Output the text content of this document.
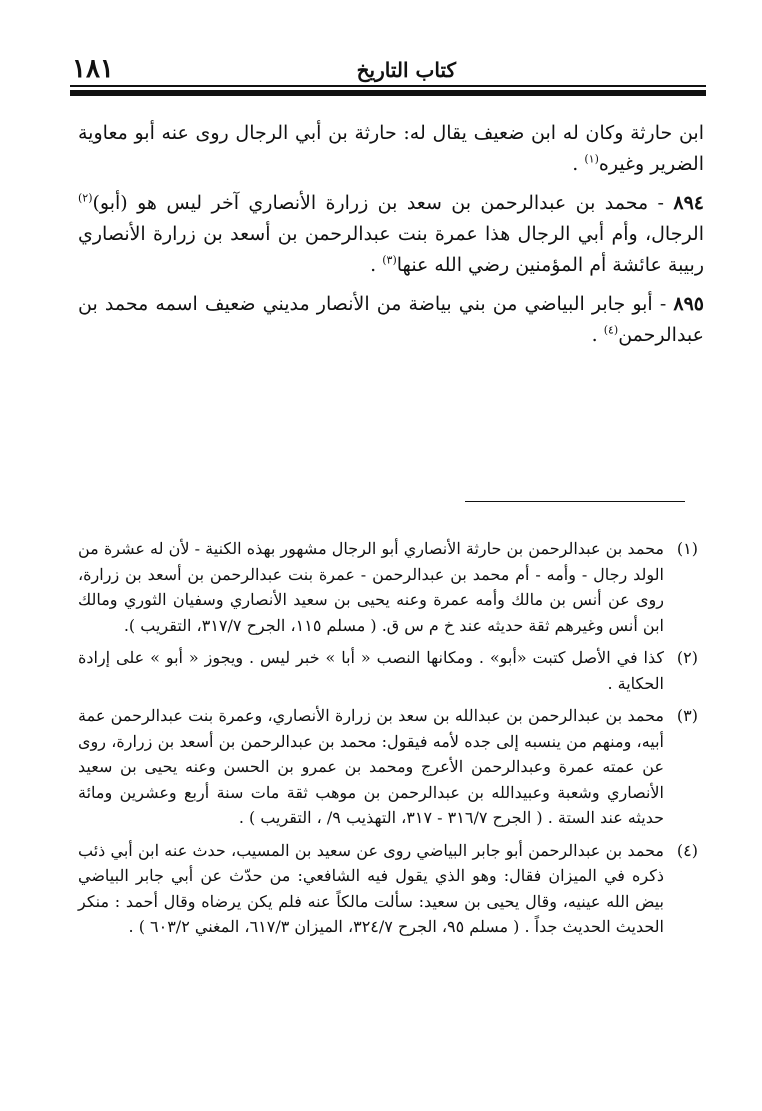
كتاب التاريخ
١٨١

ابن حارثة وكان له ابن ضعيف يقال له: حارثة بن أبي الرجال روى عنه أبو معاوية الضرير وغيره$^{(١)}$ .

٨٩٤ - محمد بن عبدالرحمن بن سعد بن زرارة الأنصاري آخر ليس هو (أبو)$^{(٢)}$ الرجال، وأم أبي الرجال هذا عمرة بنت عبدالرحمن بن أسعد بن زرارة الأنصاري ربيبة عائشة أم المؤمنين رضي الله عنها$^{(٣)}$ .

٨٩٥ - أبو جابر البياضي من بني بياضة من الأنصار مديني ضعيف اسمه محمد بن عبدالرحمن$^{(٤)}$ .

(١)
محمد بن عبدالرحمن بن حارثة الأنصاري أبو الرجال مشهور بهذه الكنية - لأن له عشرة من الولد رجال - وأمه - أم محمد بن عبدالرحمن - عمرة بنت عبدالرحمن بن أسعد بن زرارة، روى عن أنس بن مالك وأمه عمرة وعنه يحيى بن سعيد الأنصاري وسفيان الثوري ومالك ابن أنس وغيرهم ثقة حديثه عند خ م س ق. ( مسلم ١١٥، الجرح ٣١٧/٧، التقريب ).
(٢)
كذا في الأصل كتبت «أبو» . ومكانها النصب « أبا » خبر ليس . ويجوز « أبو » على إرادة الحكاية .
(٣)
محمد بن عبدالرحمن بن عبدالله بن سعد بن زرارة الأنصاري، وعمرة بنت عبدالرحمن عمة أبيه، ومنهم من ينسبه إلى جده لأمه فيقول: محمد بن عبدالرحمن بن أسعد بن زرارة، روى عن عمته عمرة وعبدالرحمن الأعرج ومحمد بن عمرو بن الحسن وعنه يحيى بن سعيد الأنصاري وشعبة وعبيدالله بن عبدالرحمن بن موهب ثقة مات سنة أربع وعشرين ومائة حديثه عند الستة . ( الجرح ٣١٦/٧ - ٣١٧، التهذيب ٩/ ، التقريب ) .
(٤)
محمد بن عبدالرحمن أبو جابر البياضي روى عن سعيد بن المسيب، حدث عنه ابن أبي ذئب ذكره في الميزان فقال: وهو الذي يقول فيه الشافعي: من حدّث عن أبي جابر البياضي بيض الله عينيه، وقال يحيى بن سعيد: سألت مالكاً عنه فلم يكن يرضاه وقال أحمد : منكر الحديث الحديث جداً . ( مسلم ٩٥، الجرح ٣٢٤/٧، الميزان ٦١٧/٣، المغني ٦٠٣/٢ ) .
